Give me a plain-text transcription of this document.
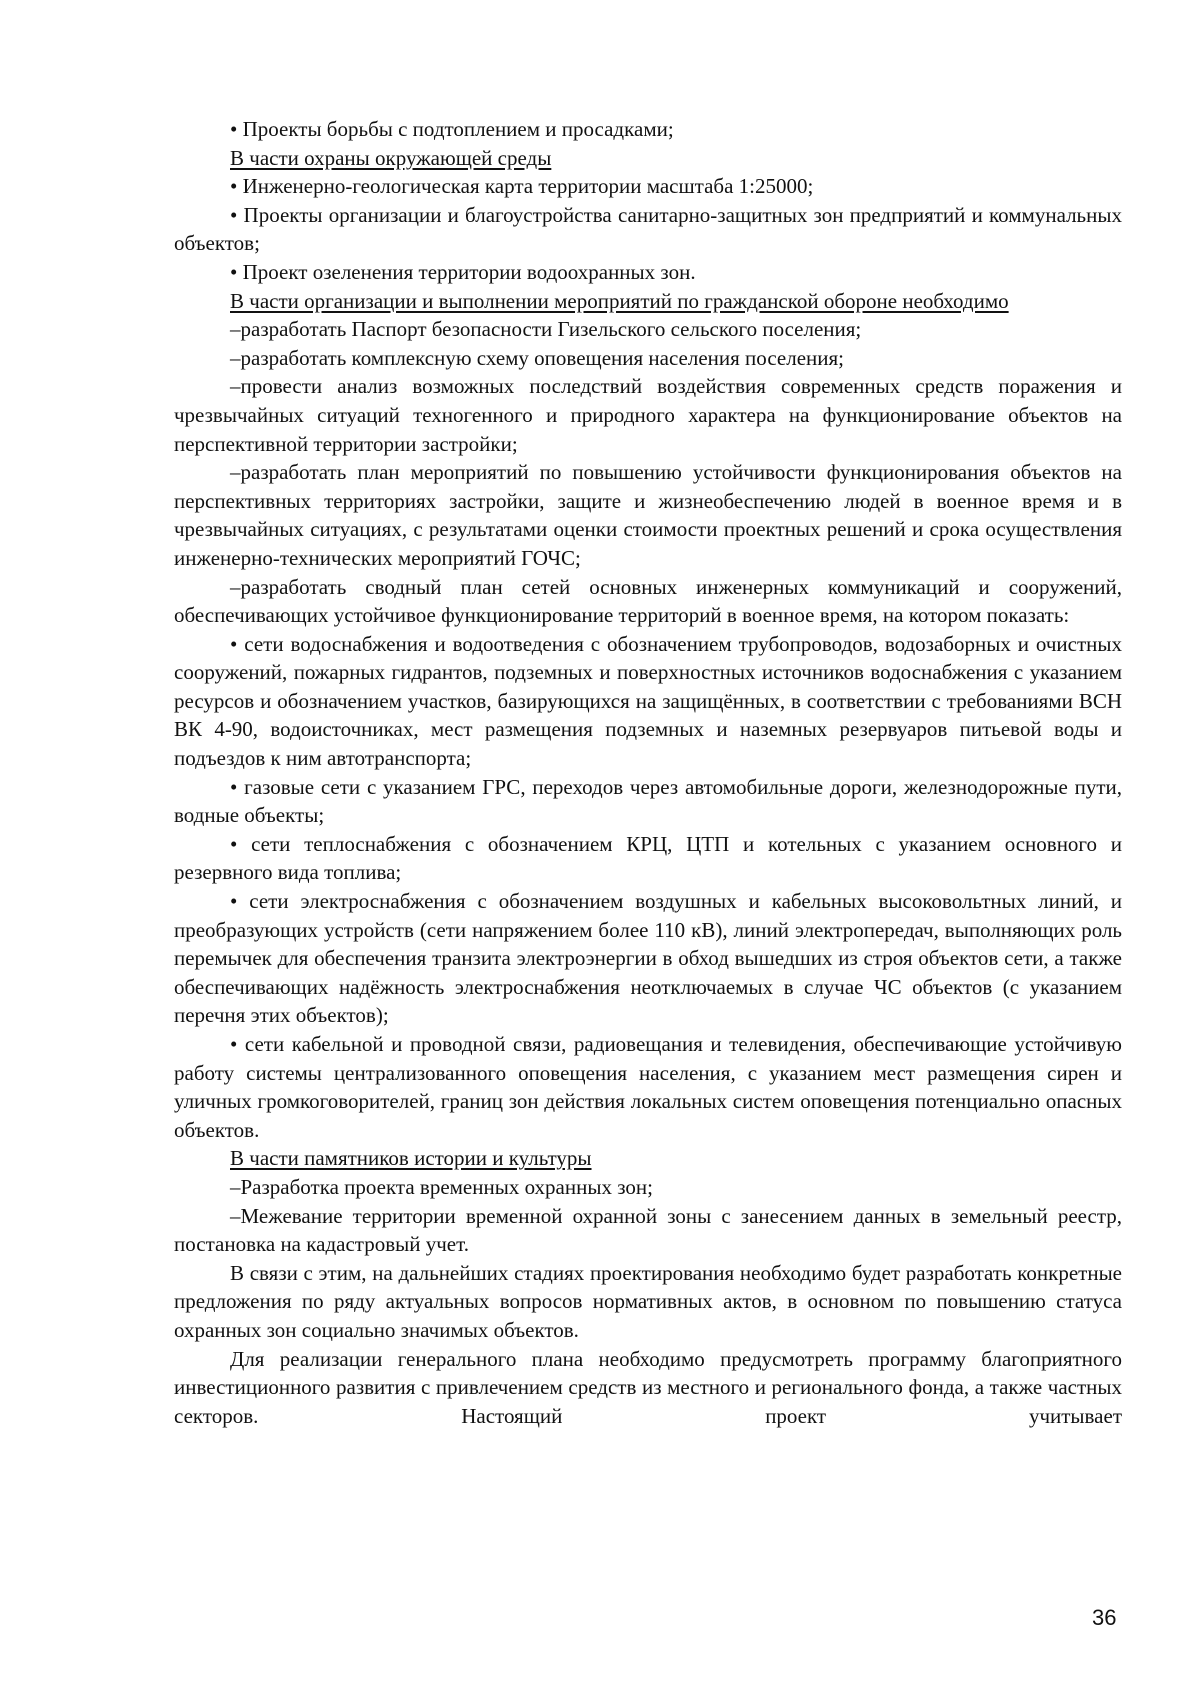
• Проекты борьбы с подтоплением и просадками;

В части охраны окружающей среды

• Инженерно-геологическая карта территории масштаба 1:25000;

• Проекты организации и благоустройства санитарно-защитных зон предприятий и коммунальных объектов;

• Проект озеленения территории водоохранных зон.

В части организации и выполнении мероприятий по гражданской обороне необходимо

–разработать Паспорт безопасности Гизельского сельского поселения;

–разработать комплексную схему оповещения населения поселения;

–провести анализ возможных последствий воздействия современных средств поражения и чрезвычайных ситуаций техногенного и природного характера на функционирование объектов на перспективной территории застройки;

–разработать план мероприятий по повышению устойчивости функционирования объектов на перспективных территориях застройки, защите и жизнеобеспечению людей в военное время и в чрезвычайных ситуациях, с результатами оценки стоимости проектных решений и срока осуществления инженерно-технических мероприятий ГОЧС;

–разработать сводный план сетей основных инженерных коммуникаций и сооружений, обеспечивающих устойчивое функционирование территорий в военное время, на котором показать:

• сети водоснабжения и водоотведения с обозначением трубопроводов, водозаборных и очистных сооружений, пожарных гидрантов, подземных и поверхностных источников водоснабжения с указанием ресурсов и обозначением участков, базирующихся на защищённых, в соответствии с требованиями ВСН ВК 4-90, водоисточниках, мест размещения подземных и наземных резервуаров питьевой воды и подъездов к ним автотранспорта;

• газовые сети с указанием ГРС, переходов через автомобильные дороги, железнодорожные пути, водные объекты;

• сети теплоснабжения с обозначением КРЦ, ЦТП и котельных с указанием основного и резервного вида топлива;

• сети электроснабжения с обозначением воздушных и кабельных высоковольтных линий, и преобразующих устройств (сети напряжением более 110 кВ), линий электропередач, выполняющих роль перемычек для обеспечения транзита электроэнергии в обход вышедших из строя объектов сети, а также обеспечивающих надёжность электроснабжения неотключаемых в случае ЧС объектов (с указанием перечня этих объектов);

• сети кабельной и проводной связи, радиовещания и телевидения, обеспечивающие устойчивую работу системы централизованного оповещения населения, с указанием мест размещения сирен и уличных громкоговорителей, границ зон действия локальных систем оповещения потенциально опасных объектов.

В части памятников истории и культуры

–Разработка проекта временных охранных зон;

–Межевание территории временной охранной зоны с занесением данных в земельный реестр, постановка на кадастровый учет.

В связи с этим, на дальнейших стадиях проектирования необходимо будет разработать конкретные предложения по ряду актуальных вопросов нормативных актов, в основном по повышению статуса охранных зон социально значимых объектов.

Для реализации генерального плана необходимо предусмотреть программу благоприятного инвестиционного развития с привлечением средств из местного и регионального фонда, а также частных секторов. Настоящий проект учитывает

36
